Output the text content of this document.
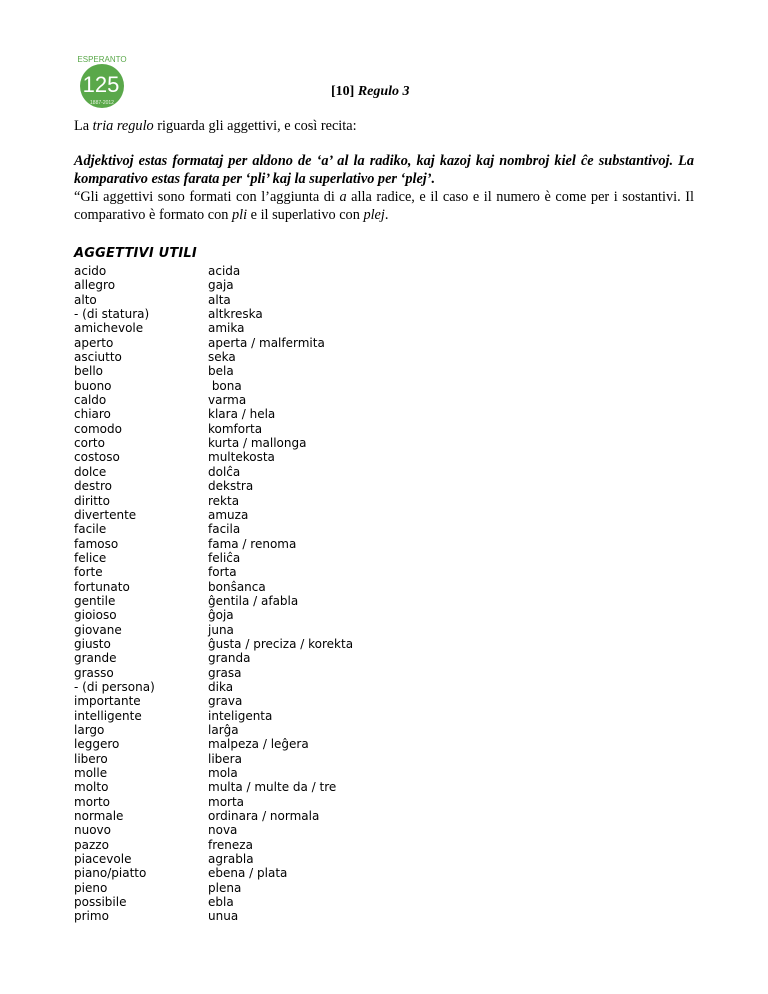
ESPERANTO
125
1887-2012
[10] Regulo 3
La tria regulo riguarda gli aggettivi, e così recita:
Adjektivoj estas formataj per aldono de ‘a’ al la radiko, kaj kazoj kaj nombroj kiel ĉe substantivoj. La komparativo estas farata per ‘pli’ kaj la superlativo per ‘plej’.
“Gli aggettivi sono formati con l’aggiunta di a alla radice, e il caso e il numero è come per i sostantivi. Il comparativo è formato con pli e il superlativo con plej.
AGGETTIVI UTILI
acido	acida
allegro	gaja
alto	alta
- (di statura)	altkreska
amichevole	amika
aperto	aperta / malfermita
asciutto	seka
bello	bela
buono	bona
caldo	varma
chiaro	klara / hela
comodo	komforta
corto	kurta / mallonga
costoso	multekosta
dolce	dolĉa
destro	dekstra
diritto	rekta
divertente	amuza
facile	facila
famoso	fama / renoma
felice	feliĉa
forte	forta
fortunato	bonŝanca
gentile	ĝentila / afabla
gioioso	ĝoja
giovane	juna
giusto	ĝusta / preciza / korekta
grande	granda
grasso	grasa
- (di persona)	dika
importante	grava
intelligente	inteligenta
largo	larĝa
leggero	malpeza / leĝera
libero	libera
molle	mola
molto	multa / multe da / tre
morto	morta
normale	ordinara / normala
nuovo	nova
pazzo	freneza
piacevole	agrabla
piano/piatto	ebena / plata
pieno	plena
possibile	ebla
primo	unua
